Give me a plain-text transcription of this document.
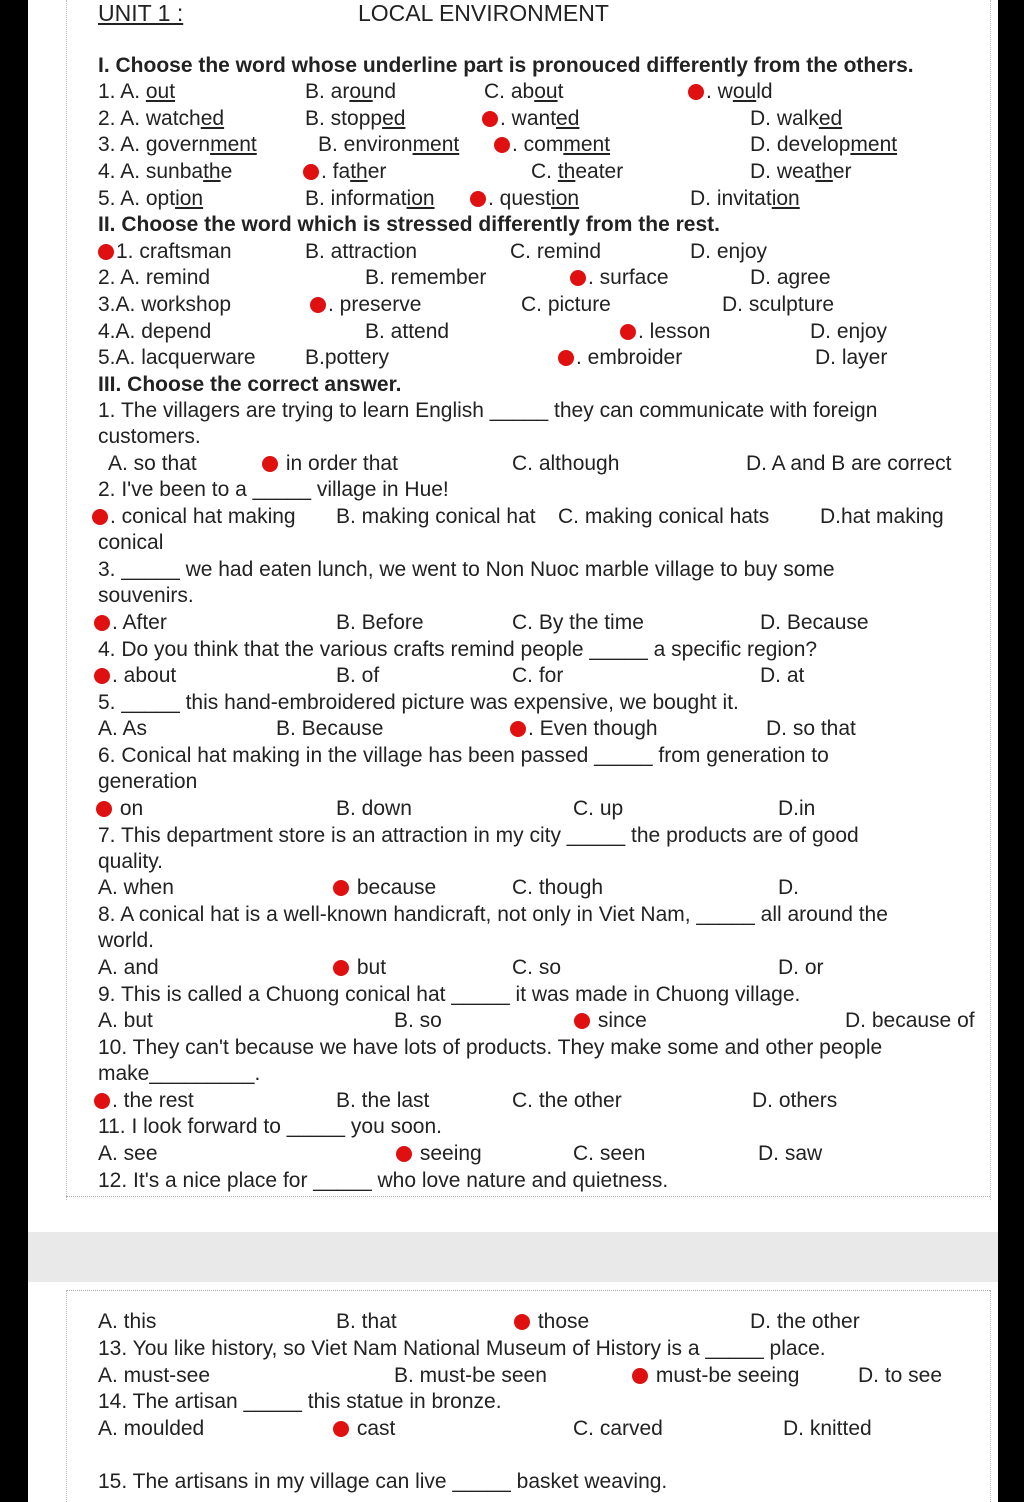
UNIT 1 :	LOCAL ENVIRONMENT
I. Choose the word whose underline part is pronouced differently from the others.
1. A. out	B. around	C. about	. would
2. A. watched	B. stopped	. wanted	D. walked
3. A. government	B. environment	. comment	D. development
4. A. sunbathe	. father	C. theater	D. weather
5. A. option	B. information	. question	D. invitation
II. Choose the word which is stressed differently from the rest.
1. craftsman	B. attraction	C. remind	D. enjoy
2. A. remind	B. remember	. surface	D. agree
3.A. workshop	. preserve	C. picture	D. sculpture
4.A. depend	B. attend	. lesson	D. enjoy
5.A. lacquerware B.pottery	. embroider	D. layer
III. Choose the correct answer.
1. The villagers are trying to learn English _____ they can communicate with foreign
customers.
A. so that	in order that	C. although	D. A and B are correct
2. I've been to a _____ village in Hue!
. conical hat making B. making conical hat C. making conical hats D.hat making
conical
3. _____ we had eaten lunch, we went to Non Nuoc marble village to buy some
souvenirs.
. After	B. Before	C. By the time	D. Because
4. Do you think that the various crafts remind people _____ a specific region?
. about	B. of	C. for	D. at
5. _____ this hand-embroidered picture was expensive, we bought it.
A. As	B. Because	. Even though	D. so that
6. Conical hat making in the village has been passed _____ from generation to
generation
on	B. down	C. up	D.in
7. This department store is an attraction in my city _____ the products are of good
quality.
A. when	because	C. though	D.
8. A conical hat is a well-known handicraft, not only in Viet Nam, _____ all around the
world.
A. and	but	C. so	D. or
9. This is called a Chuong conical hat _____ it was made in Chuong village.
A. but	B. so	since	D. because of
10. They can't because we have lots of products. They make some and other people
make_________.
. the rest	B. the last	C. the other	D. others
11. I look forward to _____ you soon.
A. see	seeing	C. seen	D. saw
12. It's a nice place for _____ who love nature and quietness.
A. this	B. that	those	D. the other
13. You like history, so Viet Nam National Museum of History is a _____ place.
A. must-see	B. must-be seen	must-be seeing	D. to see
14. The artisan _____ this statue in bronze.
A. moulded	cast	C. carved	D. knitted
15. The artisans in my village can live _____ basket weaving.
